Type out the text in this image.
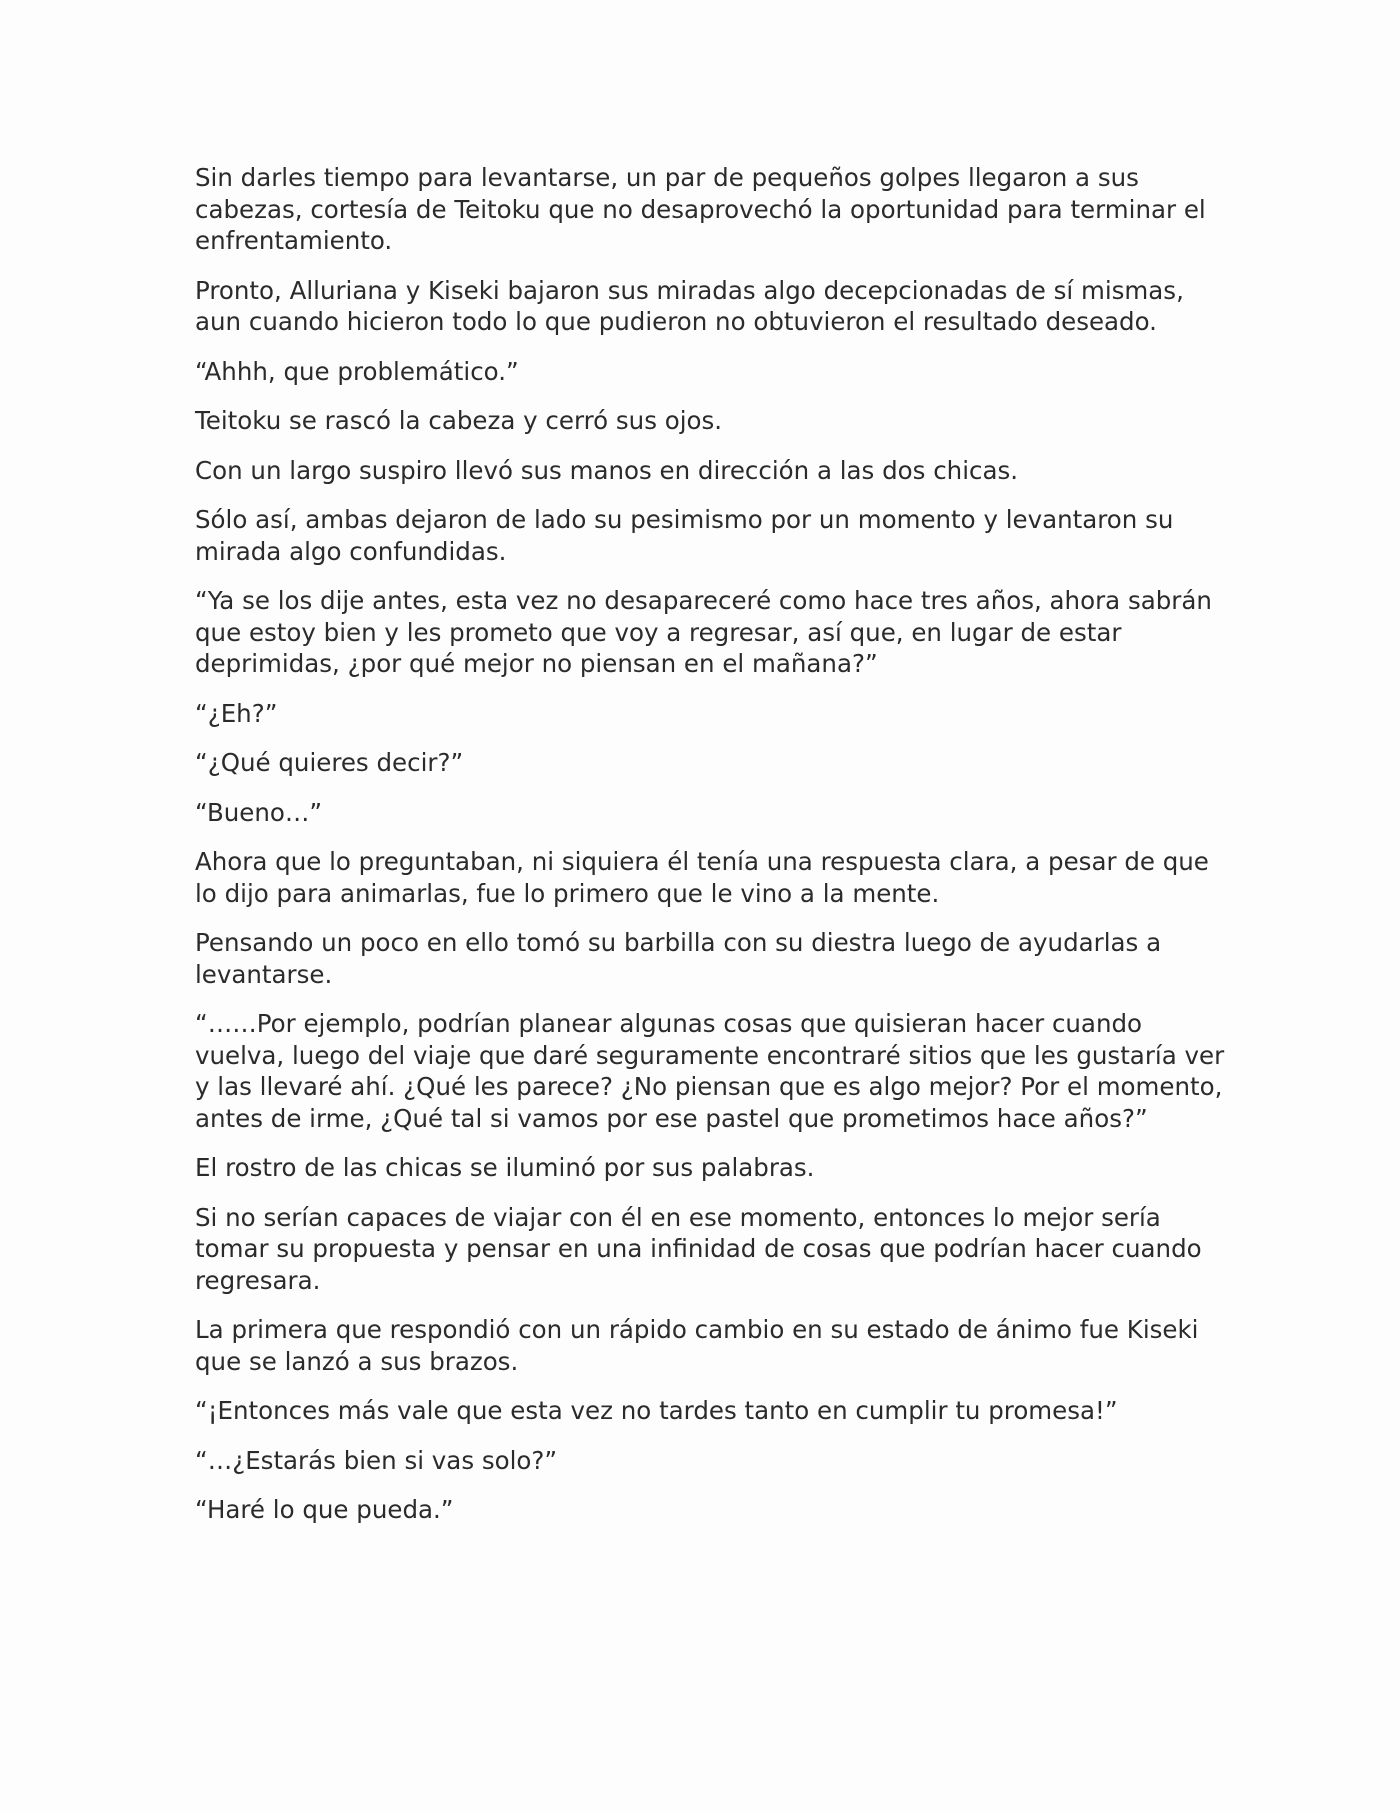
Sin darles tiempo para levantarse, un par de pequeños golpes llegaron a sus cabezas, cortesía de Teitoku que no desaprovechó la oportunidad para terminar el enfrentamiento.

Pronto, Alluriana y Kiseki bajaron sus miradas algo decepcionadas de sí mismas, aun cuando hicieron todo lo que pudieron no obtuvieron el resultado deseado.

“Ahhh, que problemático.”

Teitoku se rascó la cabeza y cerró sus ojos.

Con un largo suspiro llevó sus manos en dirección a las dos chicas.

Sólo así, ambas dejaron de lado su pesimismo por un momento y levantaron su mirada algo confundidas.

“Ya se los dije antes, esta vez no desapareceré como hace tres años, ahora sabrán que estoy bien y les prometo que voy a regresar, así que, en lugar de estar deprimidas, ¿por qué mejor no piensan en el mañana?”

“¿Eh?”

“¿Qué quieres decir?”

“Bueno…”

Ahora que lo preguntaban, ni siquiera él tenía una respuesta clara, a pesar de que lo dijo para animarlas, fue lo primero que le vino a la mente.

Pensando un poco en ello tomó su barbilla con su diestra luego de ayudarlas a levantarse.

“……Por ejemplo, podrían planear algunas cosas que quisieran hacer cuando vuelva, luego del viaje que daré seguramente encontraré sitios que les gustaría ver y las llevaré ahí. ¿Qué les parece? ¿No piensan que es algo mejor? Por el momento, antes de irme, ¿Qué tal si vamos por ese pastel que prometimos hace años?”

El rostro de las chicas se iluminó por sus palabras.

Si no serían capaces de viajar con él en ese momento, entonces lo mejor sería tomar su propuesta y pensar en una infinidad de cosas que podrían hacer cuando regresara.

La primera que respondió con un rápido cambio en su estado de ánimo fue Kiseki que se lanzó a sus brazos.

“¡Entonces más vale que esta vez no tardes tanto en cumplir tu promesa!”

“…¿Estarás bien si vas solo?”

“Haré lo que pueda.”
